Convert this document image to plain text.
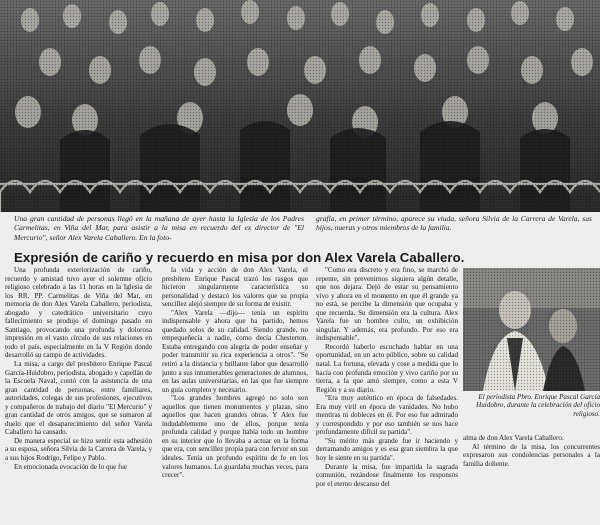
Una gran cantidad de personas llegó en la mañana de ayer hasta la Iglesia de los Padres Carmelitas, en Viña del Mar, para asistir a la misa en recuerdo del ex director de "El Mercurio", señor Alex Varela Caballero. En la foto-
grafía, en primer término, aparece su viuda, señora Silvia de la Carrera de Varela, sus hijos, nueras y otros miembros de la familia.
Expresión de cariño y recuerdo en misa por don Alex Varela Caballero.

Una profunda exteriorización de cariño, recuerdo y amistad tuvo ayer el solemne oficio religioso celebrado a las 11 horas en la Iglesia de los RR. PP. Carmelitas de Viña del Mar, en memoria de don Alex Varela Caballero, periodista, abogado y catedrático universitario cuyo fallecimiento se produjo el domingo pasado en Santiago, provocando una profunda y dolorosa impresión en el vasto círculo de sus relaciones en todo el país, especialmente en la V Región donde desarrolló su campo de actividades.

La misa, a cargo del presbítero Enrique Pascal García-Huidobro, periodista, abogado y capellán de la Escuela Naval, contó con la asistencia de una gran cantidad de personas, entre familiares, autoridades, colegas de sus profesiones, ejecutivos y compañeros de trabajo del diario "El Mercurio" y gran cantidad de otros amigos, que se sumaron al duelo que el desaparecimiento del señor Varela Caballero ha causado.

De manera especial se hizo sentir esta adhesión a su esposa, señora Silvia de la Carrera de Varela, y a sus hijos Rodrigo, Felipe y Pablo.

En emocionada evocación de lo que fue

la vida y acción de don Alex Varela, el presbítero Enrique Pascal trazó los rasgos que hicieron singularmente característica su personalidad y destacó los valores que su propia sencillez alejó siempre de su forma de existir.

"Alex Varela —dijo— tenía un espíritu indispensable y ahora que ha partido, hemos quedado solos de su calidad. Siendo grande, no empequeñecía a nadie, como decía Chesterton. Estaba entregando con alegría de poder enseñar y poder transmitir su rica experiencia a otros". "Se retiró a la distancia y brillante labor que desarrolló junto a sus innumerables generaciones de alumnos, en las aulas universitarias, en las que fue siempre un guía completo y necesario.

"Los grandes hombres agregó no solo son aquellos que tienen monumentos y plazas, sino aquellos que hacen grandes obras. Y Alex fue indudablemente uno de ellos, porque tenía profunda calidad y porque había todo un hombre en su interior que lo llevaba a actuar en la forma que era, con sencillez propia para con fervor en sus ideales. Tenía un profundo espíritu de fe en los valores humanos. Lo guardaba muchas veces, para crecer".

"Como era discreto y era fino, se marchó de repente, sin prevenirnos siquiera algún detalle, que nos dejara. Dejó de estar su pensamiento vivo y ahora en el momento en que él grande ya no está, se percibe la dimensión que ocupaba y que recuerda. Su dimensión era la cultura. Alex Varela fue un hombre culto, un exhibición singular. Y además, era profundo. Por eso era indispensable".

Recordó haberlo escuchado hablar en una oportunidad, en un acto público, sobre su calidad natal. La fortuna, elevada y cose a medida que lo hacía con profunda emoción y vivo cariño por su tierra, a la que amó siempre, como a esta V Región y a su diario.

"Era muy auténtico en época de falsedades. Era muy viril en época de vanidades. No hubo mentiras ni dobleces en él. Por eso fue admirado y correspondido y por eso también se nos hace profundamente difícil su partida".

"Su mérito más grande fue ir haciendo y derramando amigos y es esa gran siembra la que hoy le siente en su partida".

Durante la misa, fue impartida la sagrada comunión, rezándose finalmente los responsos por el eterno descanso del

El periodista Pbro. Enrique Pascal García Huidobro, durante la celebración del oficio religioso.

alma de don Alex Varela Caballero.

Al término de la misa, los concurrentes expresaron sus condolencias personales a la familia doliente.
